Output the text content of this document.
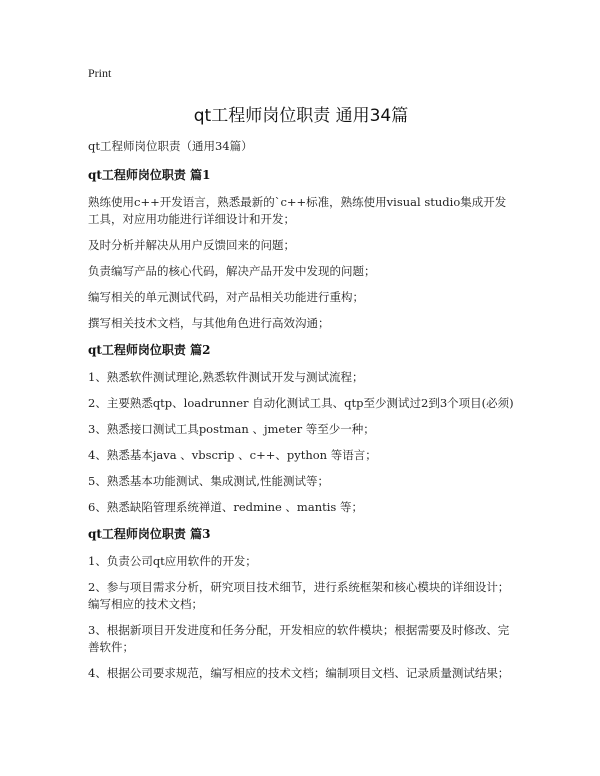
Print
qt工程师岗位职责 通用34篇

qt工程师岗位职责（通用34篇）

qt工程师岗位职责 篇1

熟练使用c++开发语言，熟悉最新的`c++标准，熟练使用visual studio集成开发工具，对应用功能进行详细设计和开发；

及时分析并解决从用户反馈回来的问题；

负责编写产品的核心代码，解决产品开发中发现的问题；

编写相关的单元测试代码，对产品相关功能进行重构；

撰写相关技术文档，与其他角色进行高效沟通；

qt工程师岗位职责 篇2

1、熟悉软件测试理论,熟悉软件测试开发与测试流程；

2、主要熟悉qtp、loadrunner 自动化测试工具、qtp至少测试过2到3个项目(必须)

3、熟悉接口测试工具postman 、jmeter 等至少一种；

4、熟悉基本java 、vbscrip 、c++、python 等语言；

5、熟悉基本功能测试、集成测试,性能测试等；

6、熟悉缺陷管理系统禅道、redmine 、mantis 等；

qt工程师岗位职责 篇3

1、负责公司qt应用软件的开发；

2、参与项目需求分析，研究项目技术细节，进行系统框架和核心模块的详细设计；编写相应的技术文档；

3、根据新项目开发进度和任务分配，开发相应的软件模块；根据需要及时修改、完善软件；

4、根据公司要求规范，编写相应的技术文档；编制项目文档、记录质量测试结果；
